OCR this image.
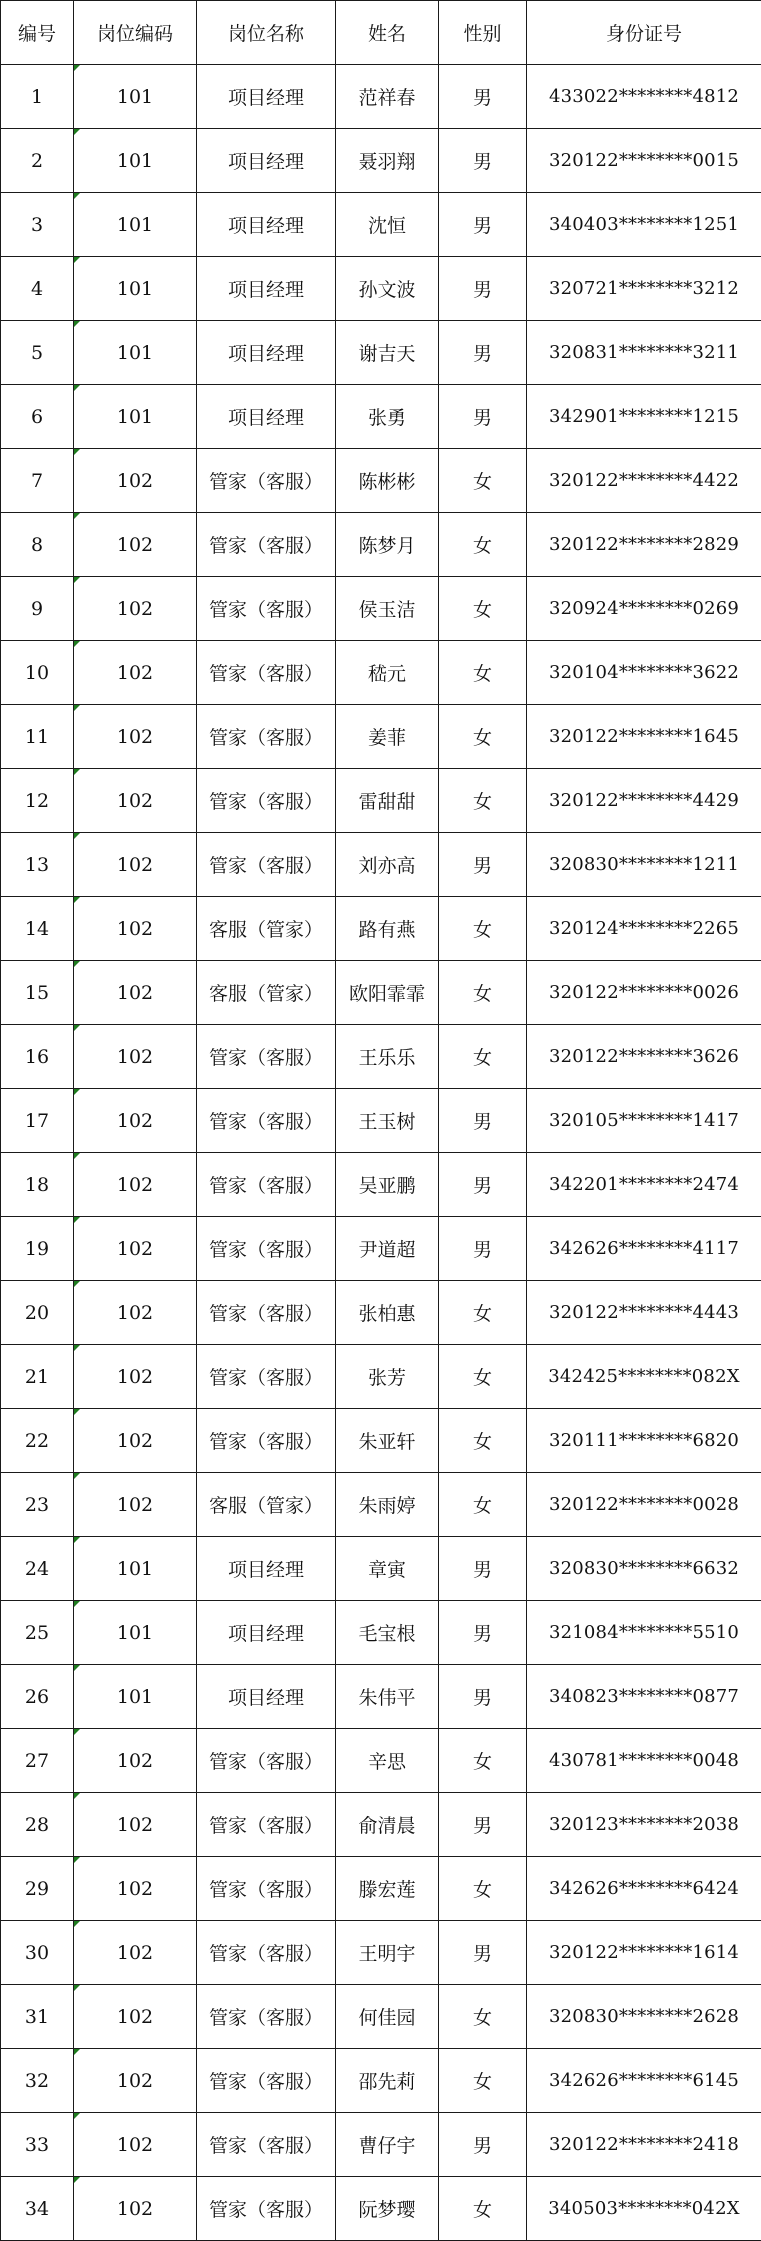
编号	岗位编码	岗位名称	姓名	性别	身份证号
1	101	项目经理	范祥春	男	433022********4812
2	101	项目经理	聂羽翔	男	320122********0015
3	101	项目经理	沈恒	男	340403********1251
4	101	项目经理	孙文波	男	320721********3212
5	101	项目经理	谢吉天	男	320831********3211
6	101	项目经理	张勇	男	342901********1215
7	102	管家（客服）	陈彬彬	女	320122********4422
8	102	管家（客服）	陈梦月	女	320122********2829
9	102	管家（客服）	侯玉洁	女	320924********0269
10	102	管家（客服）	嵇元	女	320104********3622
11	102	管家（客服）	姜菲	女	320122********1645
12	102	管家（客服）	雷甜甜	女	320122********4429
13	102	管家（客服）	刘亦高	男	320830********1211
14	102	客服（管家）	路有燕	女	320124********2265
15	102	客服（管家）	欧阳霏霏	女	320122********0026
16	102	管家（客服）	王乐乐	女	320122********3626
17	102	管家（客服）	王玉树	男	320105********1417
18	102	管家（客服）	吴亚鹏	男	342201********2474
19	102	管家（客服）	尹道超	男	342626********4117
20	102	管家（客服）	张柏惠	女	320122********4443
21	102	管家（客服）	张芳	女	342425********082X
22	102	管家（客服）	朱亚轩	女	320111********6820
23	102	客服（管家）	朱雨婷	女	320122********0028
24	101	项目经理	章寅	男	320830********6632
25	101	项目经理	毛宝根	男	321084********5510
26	101	项目经理	朱伟平	男	340823********0877
27	102	管家（客服）	辛思	女	430781********0048
28	102	管家（客服）	俞清晨	男	320123********2038
29	102	管家（客服）	滕宏莲	女	342626********6424
30	102	管家（客服）	王明宇	男	320122********1614
31	102	管家（客服）	何佳园	女	320830********2628
32	102	管家（客服）	邵先莉	女	342626********6145
33	102	管家（客服）	曹仔宇	男	320122********2418
34	102	管家（客服）	阮梦璎	女	340503********042X
